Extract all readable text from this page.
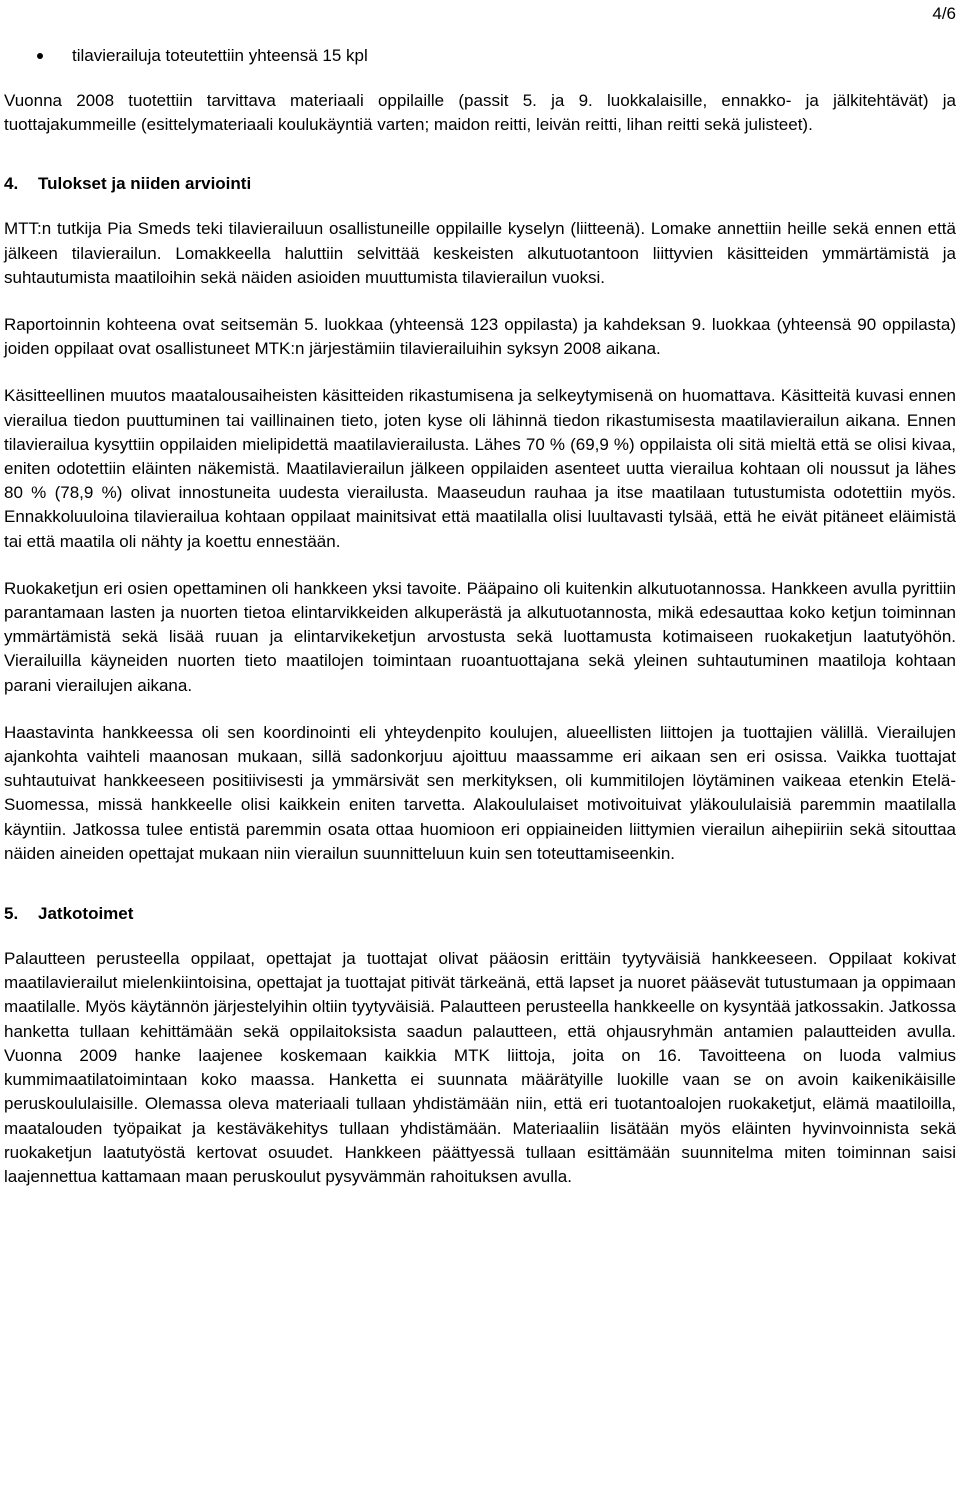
4/6
tilavierailuja toteutettiin yhteensä 15 kpl

Vuonna 2008 tuotettiin tarvittava materiaali oppilaille (passit 5. ja 9. luokkalaisille, ennakko- ja jälkitehtävät) ja tuottajakummeille (esittelymateriaali koulukäyntiä varten; maidon reitti, leivän reitti, lihan reitti sekä julisteet).

4. Tulokset ja niiden arviointi

MTT:n tutkija Pia Smeds teki tilavierailuun osallistuneille oppilaille kyselyn (liitteenä). Lomake annettiin heille sekä ennen että jälkeen tilavierailun. Lomakkeella haluttiin selvittää keskeisten alkutuotantoon liittyvien käsitteiden ymmärtämistä ja suhtautumista maatiloihin sekä näiden asioiden muuttumista tilavierailun vuoksi.

Raportoinnin kohteena ovat seitsemän 5. luokkaa (yhteensä 123 oppilasta) ja kahdeksan 9. luokkaa (yhteensä 90 oppilasta) joiden oppilaat ovat osallistuneet MTK:n järjestämiin tilavierailuihin syksyn 2008 aikana.

Käsitteellinen muutos maatalousaiheisten käsitteiden rikastumisena ja selkeytymisenä on huomattava. Käsitteitä kuvasi ennen vierailua tiedon puuttuminen tai vaillinainen tieto, joten kyse oli lähinnä tiedon rikastumisesta maatilavierailun aikana. Ennen tilavierailua kysyttiin oppilaiden mielipidettä maatilavierailusta. Lähes 70 % (69,9 %) oppilaista oli sitä mieltä että se olisi kivaa, eniten odotettiin eläinten näkemistä. Maatilavierailun jälkeen oppilaiden asenteet uutta vierailua kohtaan oli noussut ja lähes 80 % (78,9 %) olivat innostuneita uudesta vierailusta. Maaseudun rauhaa ja itse maatilaan tutustumista odotettiin myös. Ennakkoluuloina tilavierailua kohtaan oppilaat mainitsivat että maatilalla olisi luultavasti tylsää, että he eivät pitäneet eläimistä tai että maatila oli nähty ja koettu ennestään.

Ruokaketjun eri osien opettaminen oli hankkeen yksi tavoite. Pääpaino oli kuitenkin alkutuotannossa. Hankkeen avulla pyrittiin parantamaan lasten ja nuorten tietoa elintarvikkeiden alkuperästä ja alkutuotannosta, mikä edesauttaa koko ketjun toiminnan ymmärtämistä sekä lisää ruuan ja elintarvikeketjun arvostusta sekä luottamusta kotimaiseen ruokaketjun laatutyöhön. Vierailuilla käyneiden nuorten tieto maatilojen toimintaan ruoantuottajana sekä yleinen suhtautuminen maatiloja kohtaan parani vierailujen aikana.

Haastavinta hankkeessa oli sen koordinointi eli yhteydenpito koulujen, alueellisten liittojen ja tuottajien välillä. Vierailujen ajankohta vaihteli maanosan mukaan, sillä sadonkorjuu ajoittuu maassamme eri aikaan sen eri osissa. Vaikka tuottajat suhtautuivat hankkeeseen positiivisesti ja ymmärsivät sen merkityksen, oli kummitilojen löytäminen vaikeaa etenkin Etelä-Suomessa, missä hankkeelle olisi kaikkein eniten tarvetta. Alakoululaiset motivoituivat yläkoululaisiä paremmin maatilalla käyntiin. Jatkossa tulee entistä paremmin osata ottaa huomioon eri oppiaineiden liittymien vierailun aihepiiriin sekä sitouttaa näiden aineiden opettajat mukaan niin vierailun suunnitteluun kuin sen toteuttamiseenkin.

5. Jatkotoimet

Palautteen perusteella oppilaat, opettajat ja tuottajat olivat pääosin erittäin tyytyväisiä hankkeeseen. Oppilaat kokivat maatilavierailut mielenkiintoisina, opettajat ja tuottajat pitivät tärkeänä, että lapset ja nuoret pääsevät tutustumaan ja oppimaan maatilalle. Myös käytännön järjestelyihin oltiin tyytyväisiä. Palautteen perusteella hankkeelle on kysyntää jatkossakin. Jatkossa hanketta tullaan kehittämään sekä oppilaitoksista saadun palautteen, että ohjausryhmän antamien palautteiden avulla. Vuonna 2009 hanke laajenee koskemaan kaikkia MTK liittoja, joita on 16. Tavoitteena on luoda valmius kummimaatilatoimintaan koko maassa. Hanketta ei suunnata määrätyille luokille vaan se on avoin kaikenikäisille peruskoululaisille. Olemassa oleva materiaali tullaan yhdistämään niin, että eri tuotantoalojen ruokaketjut, elämä maatiloilla, maatalouden työpaikat ja kestäväkehitys tullaan yhdistämään. Materiaaliin lisätään myös eläinten hyvinvoinnista sekä ruokaketjun laatutyöstä kertovat osuudet. Hankkeen päättyessä tullaan esittämään suunnitelma miten toiminnan saisi laajennettua kattamaan maan peruskoulut pysyvämmän rahoituksen avulla.
